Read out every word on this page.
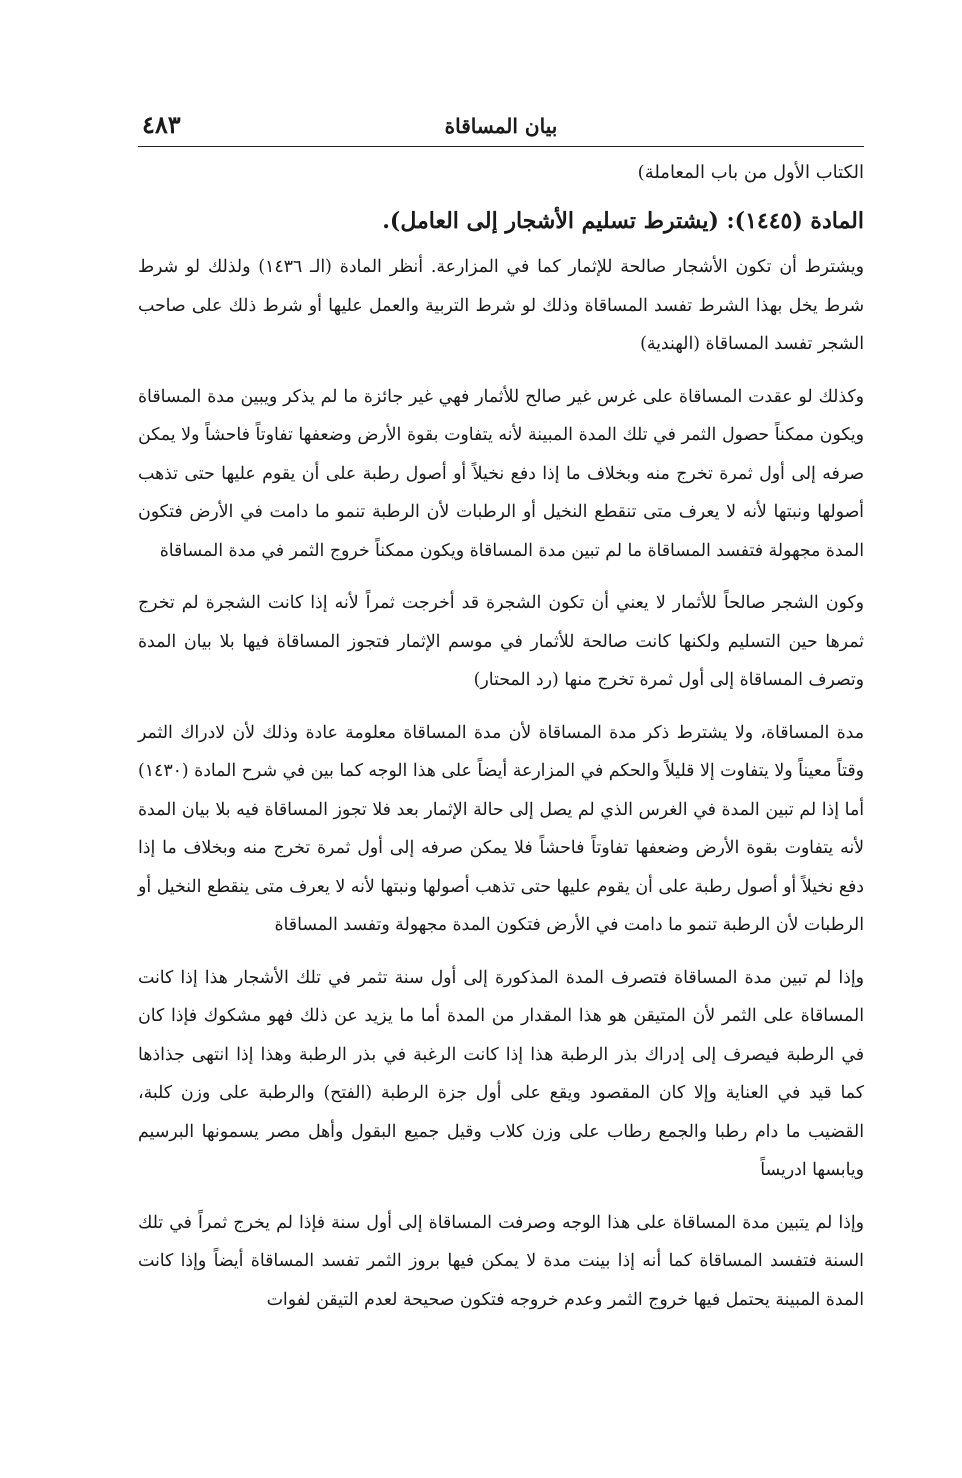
بيان المساقاة
٤٨٣
الكتاب الأول من باب المعاملة)
المادة (١٤٤٥): (يشترط تسليم الأشجار إلى العامل).

ويشترط أن تكون الأشجار صالحة للإثمار كما في المزارعة. أنظر المادة (الـ ١٤٣٦) ولذلك لو شرط شرط يخل بهذا الشرط تفسد المساقاة وذلك لو شرط التربية والعمل عليها أو شرط ذلك على صاحب الشجر تفسد المساقاة (الهندية)

وكذلك لو عقدت المساقاة على غرس غير صالح للأثمار فهي غير جائزة ما لم يذكر ويبين مدة المساقاة ويكون ممكناً حصول الثمر في تلك المدة المبينة لأنه يتفاوت بقوة الأرض وضعفها تفاوتاً فاحشاً ولا يمكن صرفه إلى أول ثمرة تخرج منه وبخلاف ما إذا دفع نخيلاً أو أصول رطبة على أن يقوم عليها حتى تذهب أصولها ونبتها لأنه لا يعرف متى تنقطع النخيل أو الرطبات لأن الرطبة تنمو ما دامت في الأرض فتكون المدة مجهولة فتفسد المساقاة ما لم تبين مدة المساقاة ويكون ممكناً خروج الثمر في مدة المساقاة

وكون الشجر صالحاً للأثمار لا يعني أن تكون الشجرة قد أخرجت ثمراً لأنه إذا كانت الشجرة لم تخرج ثمرها حين التسليم ولكنها كانت صالحة للأثمار في موسم الإثمار فتجوز المساقاة فيها بلا بيان المدة وتصرف المساقاة إلى أول ثمرة تخرج منها (رد المحتار)

مدة المساقاة، ولا يشترط ذكر مدة المساقاة لأن مدة المساقاة معلومة عادة وذلك لأن لادراك الثمر وقتاً معيناً ولا يتفاوت إلا قليلاً والحكم في المزارعة أيضاً على هذا الوجه كما بين في شرح المادة (١٤٣٠) أما إذا لم تبين المدة في الغرس الذي لم يصل إلى حالة الإثمار بعد فلا تجوز المساقاة فيه بلا بيان المدة لأنه يتفاوت بقوة الأرض وضعفها تفاوتاً فاحشاً فلا يمكن صرفه إلى أول ثمرة تخرج منه وبخلاف ما إذا دفع نخيلاً أو أصول رطبة على أن يقوم عليها حتى تذهب أصولها ونبتها لأنه لا يعرف متى ينقطع النخيل أو الرطبات لأن الرطبة تنمو ما دامت في الأرض فتكون المدة مجهولة وتفسد المساقاة

وإذا لم تبين مدة المساقاة فتصرف المدة المذكورة إلى أول سنة تثمر في تلك الأشجار هذا إذا كانت المساقاة على الثمر لأن المتيقن هو هذا المقدار من المدة أما ما يزيد عن ذلك فهو مشكوك فإذا كان في الرطبة فيصرف إلى إدراك بذر الرطبة هذا إذا كانت الرغبة في بذر الرطبة وهذا إذا انتهى جذاذها كما قيد في العناية وإلا كان المقصود ويقع على أول جزة الرطبة (الفتح) والرطبة على وزن كلبة، القضيب ما دام رطبا والجمع رطاب على وزن كلاب وقيل جميع البقول وأهل مصر يسمونها البرسيم ويابسها ادريساً

وإذا لم يتبين مدة المساقاة على هذا الوجه وصرفت المساقاة إلى أول سنة فإذا لم يخرج ثمراً في تلك السنة فتفسد المساقاة كما أنه إذا بينت مدة لا يمكن فيها بروز الثمر تفسد المساقاة أيضاً وإذا كانت المدة المبينة يحتمل فيها خروج الثمر وعدم خروجه فتكون صحيحة لعدم التيقن لفوات
